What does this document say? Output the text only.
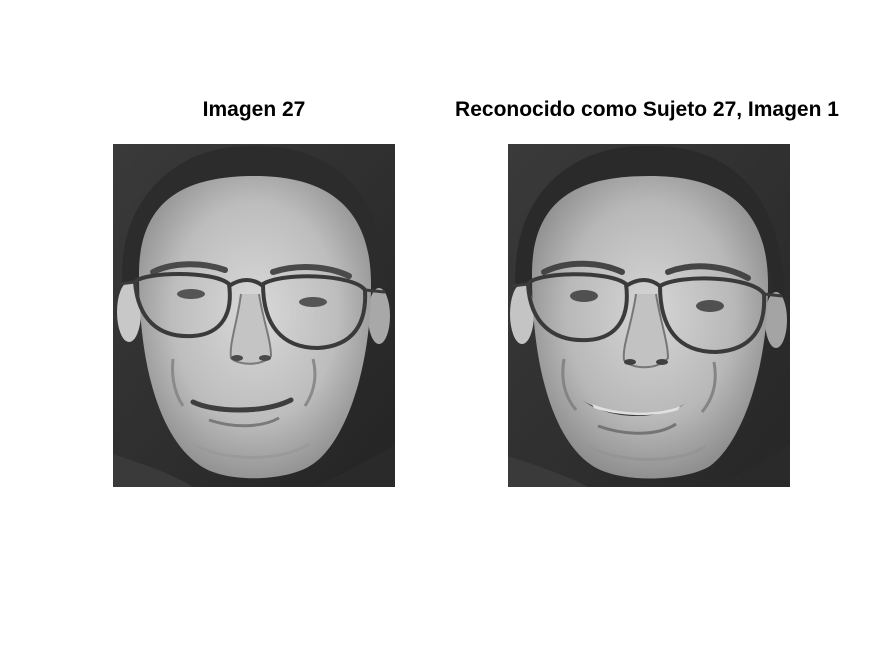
Imagen 27	Reconocido como Sujeto 27, Imagen 1
